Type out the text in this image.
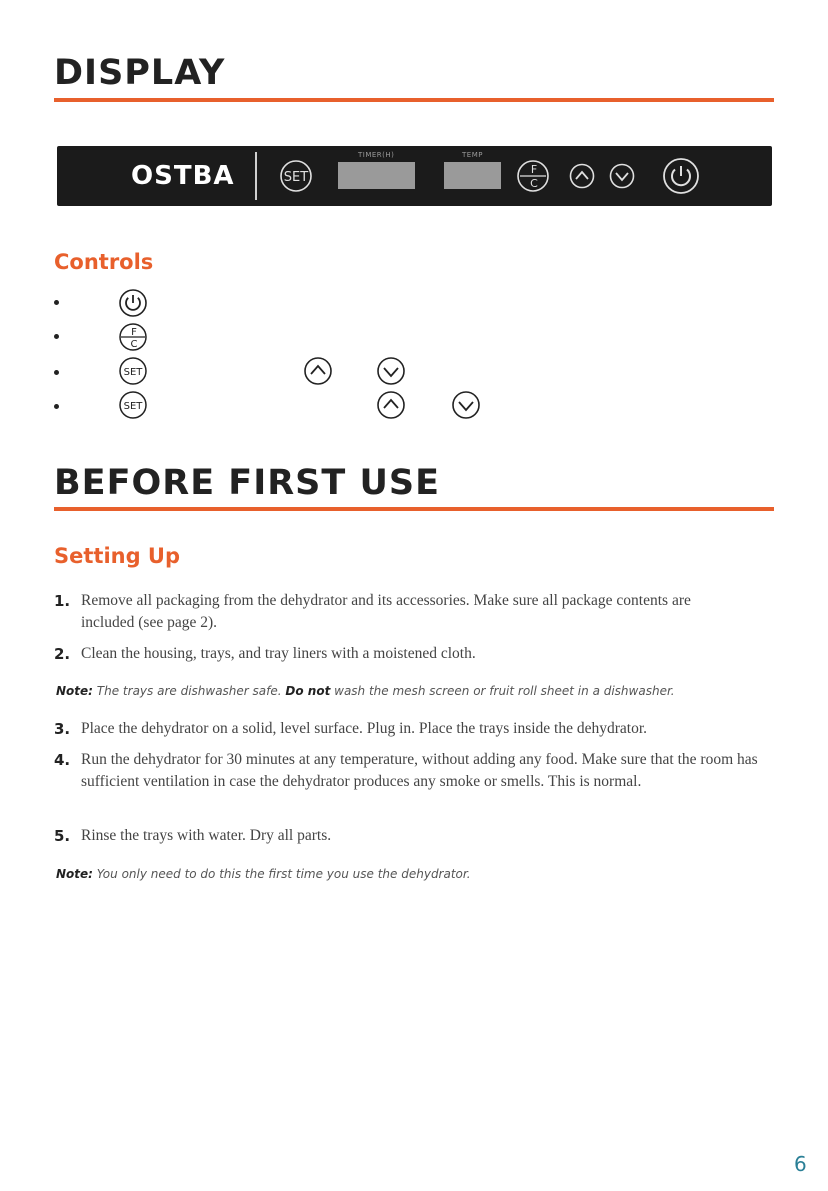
DISPLAY
OSTBA	SET
TIMER(H)	TEMP
F
C
Controls
F
C
SET
SET
BEFORE FIRST USE
Setting Up
1. Remove all packaging from the dehydrator and its accessories. Make sure all package contents are included (see page 2).
2. Clean the housing, trays, and tray liners with a moistened cloth.
Note: The trays are dishwasher safe. Do not wash the mesh screen or fruit roll sheet in a dishwasher.
3. Place the dehydrator on a solid, level surface. Plug in. Place the trays inside the dehydrator.
4. Run the dehydrator for 30 minutes at any temperature, without adding any food. Make sure that the room has sufficient ventilation in case the dehydrator produces any smoke or smells. This is normal.
5. Rinse the trays with water. Dry all parts.
Note: You only need to do this the first time you use the dehydrator.
6
